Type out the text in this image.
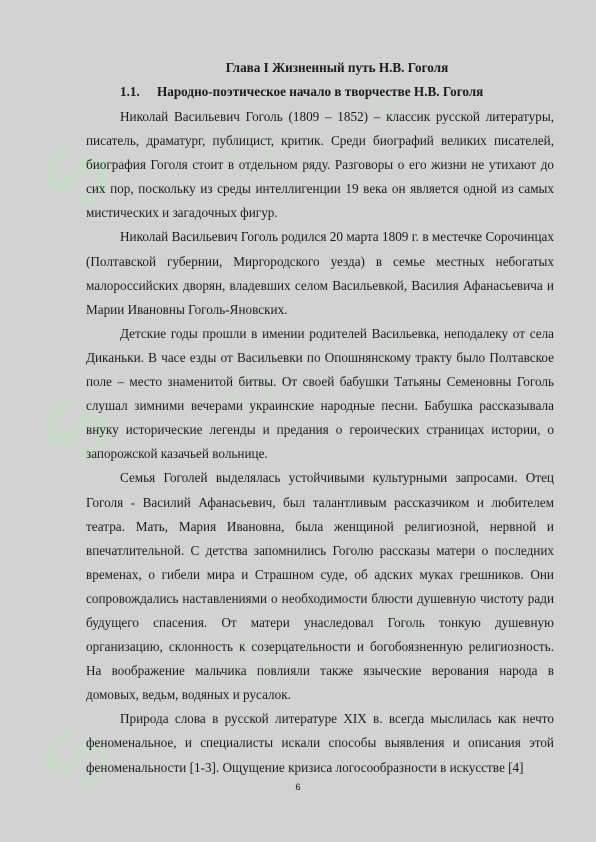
S U
F
S U
F
S
U
F
Глава I Жизненный путь Н.В. Гоголя
1.1. Народно-поэтическое начало в творчестве Н.В. Гоголя

Николай Васильевич Гоголь (1809 – 1852) – классик русской литературы, писатель, драматург, публицист, критик. Среди биографий великих писателей, биография Гоголя стоит в отдельном ряду. Разговоры о его жизни не утихают до сих пор, поскольку из среды интеллигенции 19 века он является одной из самых мистических и загадочных фигур.

Николай Васильевич Гоголь родился 20 марта 1809 г. в местечке Сорочинцах (Полтавской губернии, Миргородского уезда) в семье местных небогатых малороссийских дворян, владевших селом Васильевкой, Василия Афанасьевича и Марии Ивановны Гоголь-Яновских.

Детские годы прошли в имении родителей Васильевка, неподалеку от села Диканьки. В часе езды от Васильевки по Опошнянскому тракту было Полтавское поле – место знаменитой битвы. От своей бабушки Татьяны Семеновны Гоголь слушал зимними вечерами украинские народные песни. Бабушка рассказывала внуку исторические легенды и предания о героических страницах истории, о запорожской казачьей вольнице.

Семья Гоголей выделялась устойчивыми культурными запросами. Отец Гоголя - Василий Афанасьевич, был талантливым рассказчиком и любителем театра. Мать, Мария Ивановна, была женщиной религиозной, нервной и впечатлительной. С детства запомнились Гоголю рассказы матери о последних временах, о гибели мира и Страшном суде, об адских муках грешников. Они сопровождались наставлениями о необходимости блюсти душевную чистоту ради будущего спасения. От матери унаследовал Гоголь тонкую душевную организацию, склонность к созерцательности и богобоязненную религиозность. На воображение мальчика повлияли также языческие верования народа в домовых, ведьм, водяных и русалок.

Природа слова в русской литературе XIX в. всегда мыслилась как нечто феноменальное, и специалисты искали способы выявления и описания этой феноменальности [1-3]. Ощущение кризиса логосообразности в искусстве [4]

6
